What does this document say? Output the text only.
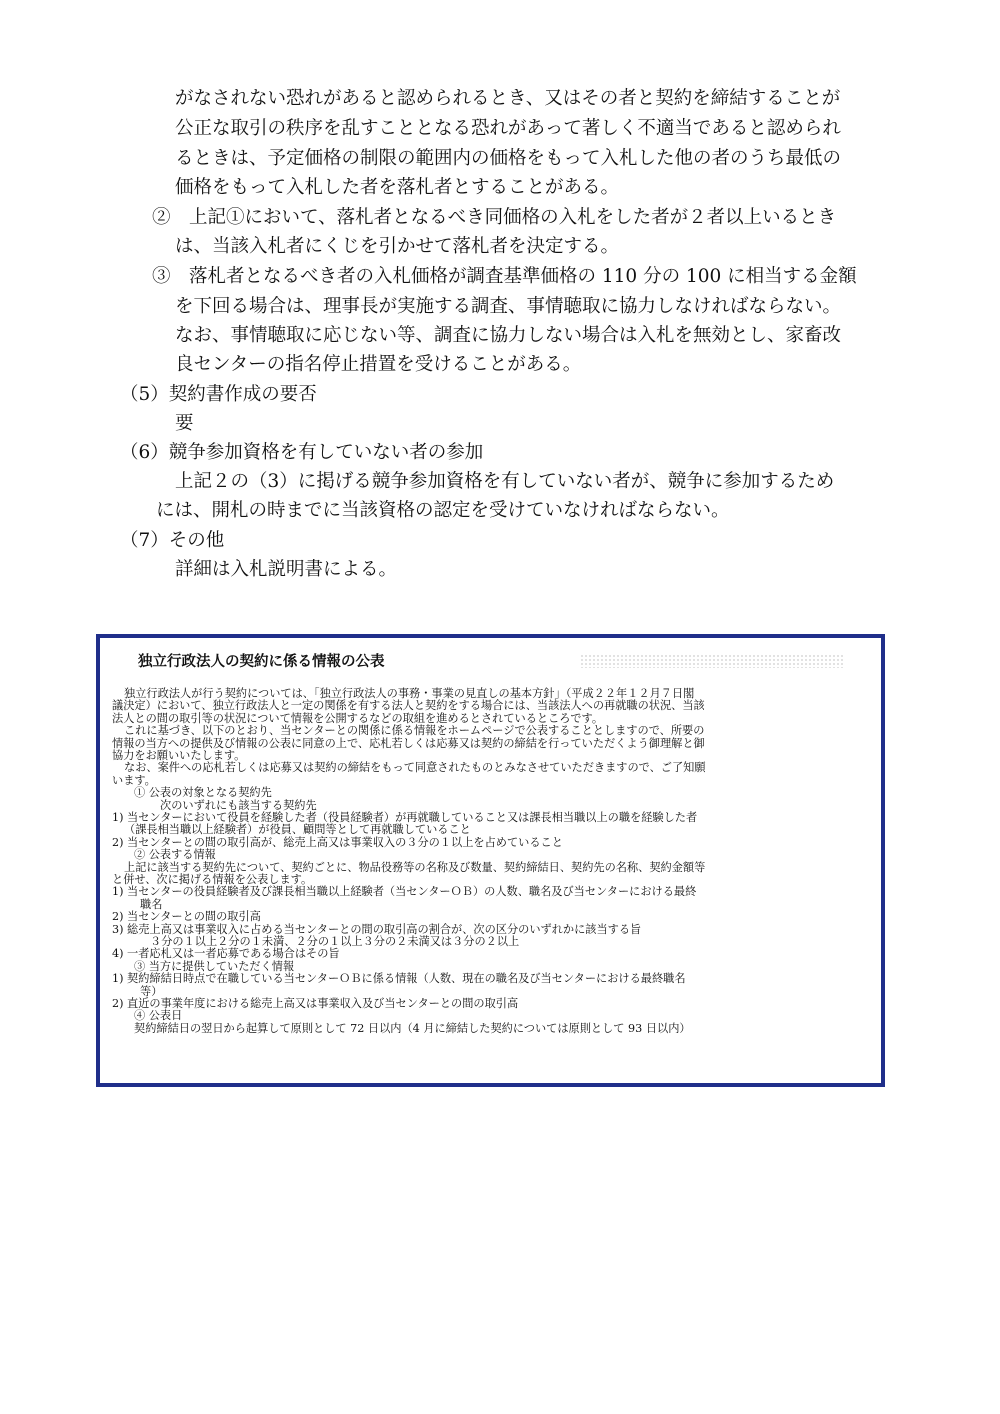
がなされない恐れがあると認められるとき、又はその者と契約を締結することが
公正な取引の秩序を乱すこととなる恐れがあって著しく不適当であると認められ
るときは、予定価格の制限の範囲内の価格をもって入札した他の者のうち最低の
価格をもって入札した者を落札者とすることがある。
②　上記①において、落札者となるべき同価格の入札をした者が２者以上いるとき
は、当該入札者にくじを引かせて落札者を決定する。
③　落札者となるべき者の入札価格が調査基準価格の 110 分の 100 に相当する金額
を下回る場合は、理事長が実施する調査、事情聴取に協力しなければならない。
なお、事情聴取に応じない等、調査に協力しない場合は入札を無効とし、家畜改
良センターの指名停止措置を受けることがある。
（5）契約書作成の要否
要
（6）競争参加資格を有していない者の参加
上記２の（3）に掲げる競争参加資格を有していない者が、競争に参加するため
には、開札の時までに当該資格の認定を受けていなければならない。
（7）その他
詳細は入札説明書による。
独立行政法人の契約に係る情報の公表
独立行政法人が行う契約については、「独立行政法人の事務・事業の見直しの基本方針」（平成２２年１２月７日閣
議決定）において、独立行政法人と一定の関係を有する法人と契約をする場合には、当該法人への再就職の状況、当該
法人との間の取引等の状況について情報を公開するなどの取組を進めるとされているところです。
これに基づき、以下のとおり、当センターとの関係に係る情報をホームページで公表することとしますので、所要の
情報の当方への提供及び情報の公表に同意の上で、応札若しくは応募又は契約の締結を行っていただくよう御理解と御
協力をお願いいたします。
なお、案件への応札若しくは応募又は契約の締結をもって同意されたものとみなさせていただきますので、ご了知願
います。
① 公表の対象となる契約先
次のいずれにも該当する契約先
1) 当センターにおいて役員を経験した者（役員経験者）が再就職していること又は課長相当職以上の職を経験した者
（課長相当職以上経験者）が役員、顧問等として再就職していること
2) 当センターとの間の取引高が、総売上高又は事業収入の３分の１以上を占めていること
② 公表する情報
上記に該当する契約先について、契約ごとに、物品役務等の名称及び数量、契約締結日、契約先の名称、契約金額等
と併せ、次に掲げる情報を公表します。
1) 当センターの役員経験者及び課長相当職以上経験者（当センターＯＢ）の人数、職名及び当センターにおける最終
職名
2) 当センターとの間の取引高
3) 総売上高又は事業収入に占める当センターとの間の取引高の割合が、次の区分のいずれかに該当する旨
３分の１以上２分の１未満、２分の１以上３分の２未満又は３分の２以上
4) 一者応札又は一者応募である場合はその旨
③ 当方に提供していただく情報
1) 契約締結日時点で在職している当センターＯＢに係る情報（人数、現在の職名及び当センターにおける最終職名
等）
2) 直近の事業年度における総売上高又は事業収入及び当センターとの間の取引高
④ 公表日
契約締結日の翌日から起算して原則として 72 日以内（4 月に締結した契約については原則として 93 日以内）
